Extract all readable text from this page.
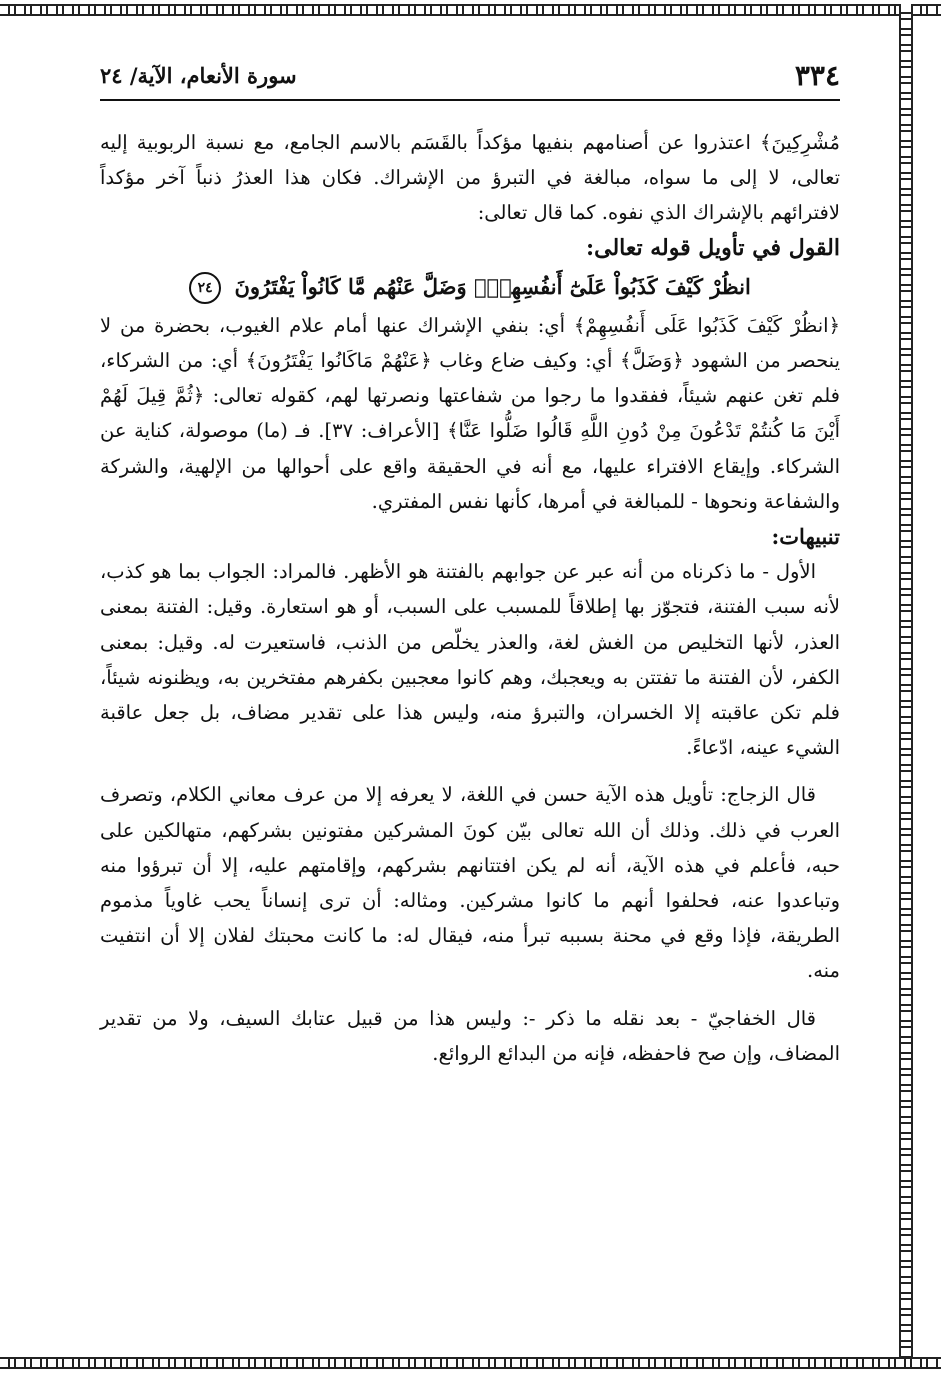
٣٣٤
سورة الأنعام، الآية/ ٢٤

مُشْرِكِينَ﴾ اعتذروا عن أصنامهم بنفيها مؤكداً بالقَسَم بالاسم الجامع، مع نسبة الربوبية إليه تعالى، لا إلى ما سواه، مبالغة في التبرؤ من الإشراك. فكان هذا العذرُ ذنباً آخر مؤكداً لافترائهم بالإشراك الذي نفوه. كما قال تعالى:

القول في تأويل قوله تعالى:

انظُرْ كَيْفَ كَذَبُواْ عَلَىٰٓ أَنفُسِهِمْۚ وَضَلَّ عَنْهُم مَّا كَانُواْ يَفْتَرُونَ ٢٤

﴿انظُرْ كَيْفَ كَذَبُوا عَلَى أَنفُسِهِمْ﴾ أي: بنفي الإشراك عنها أمام علام الغيوب، بحضرة من لا ينحصر من الشهود ﴿وَضَلَّ﴾ أي: وكيف ضاع وغاب ﴿عَنْهُمْ مَاكَانُوا يَفْتَرُونَ﴾ أي: من الشركاء، فلم تغن عنهم شيئاً، ففقدوا ما رجوا من شفاعتها ونصرتها لهم، كقوله تعالى: ﴿ثُمَّ قِيلَ لَهُمْ أَيْنَ مَا كُنتُمْ تَدْعُونَ مِنْ دُونِ اللَّهِ قَالُوا ضَلُّوا عَنَّا﴾ [الأعراف: ٣٧]. فـ (ما) موصولة، كناية عن الشركاء. وإيقاع الافتراء عليها، مع أنه في الحقيقة واقع على أحوالها من الإلهية، والشركة والشفاعة ونحوها - للمبالغة في أمرها، كأنها نفس المفتري.

تنبيهات:

الأول - ما ذكرناه من أنه عبر عن جوابهم بالفتنة هو الأظهر. فالمراد: الجواب بما هو كذب، لأنه سبب الفتنة، فتجوّز بها إطلاقاً للمسبب على السبب، أو هو استعارة. وقيل: الفتنة بمعنى العذر، لأنها التخليص من الغش لغة، والعذر يخلّص من الذنب، فاستعيرت له. وقيل: بمعنى الكفر، لأن الفتنة ما تفتتن به ويعجبك، وهم كانوا معجبين بكفرهم مفتخرين به، ويظنونه شيئاً، فلم تكن عاقبته إلا الخسران، والتبرؤ منه، وليس هذا على تقدير مضاف، بل جعل عاقبة الشيء عينه، ادّعاءً.

قال الزجاج: تأويل هذه الآية حسن في اللغة، لا يعرفه إلا من عرف معاني الكلام، وتصرف العرب في ذلك. وذلك أن الله تعالى بيّن كونَ المشركين مفتونين بشركهم، متهالكين على حبه، فأعلم في هذه الآية، أنه لم يكن افتتانهم بشركهم، وإقامتهم عليه، إلا أن تبرؤوا منه وتباعدوا عنه، فحلفوا أنهم ما كانوا مشركين. ومثاله: أن ترى إنساناً يحب غاوياً مذموم الطريقة، فإذا وقع في محنة بسببه تبرأ منه، فيقال له: ما كانت محبتك لفلان إلا أن انتفيت منه.

قال الخفاجيّ - بعد نقله ما ذكر -: وليس هذا من قبيل عتابك السيف، ولا من تقدير المضاف، وإن صح فاحفظه، فإنه من البدائع الروائع.
